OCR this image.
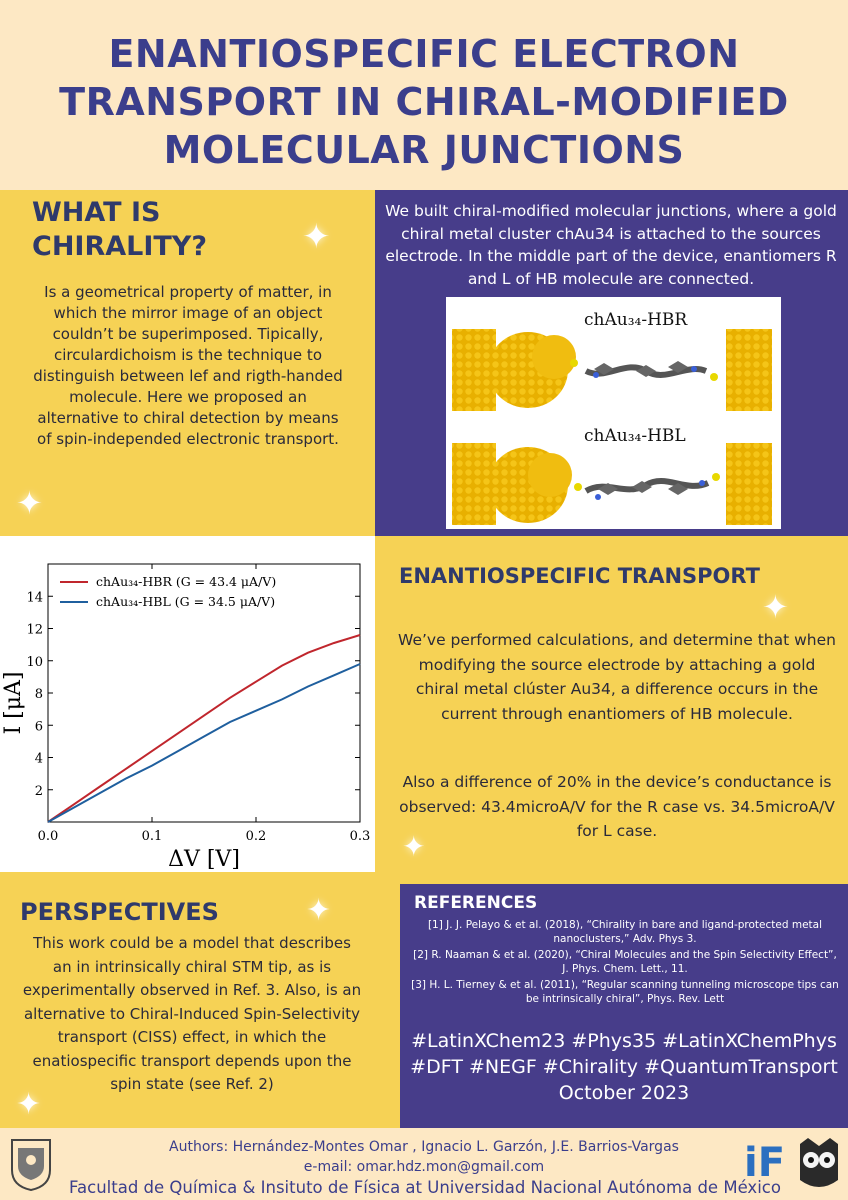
ENANTIOSPECIFIC ELECTRON
TRANSPORT IN CHIRAL-MODIFIED
MOLECULAR JUNCTIONS
WHAT IS
CHIRALITY?	✦
Is a geometrical property of matter, in which the mirror image of an object couldn’t be superimposed. Tipically, circulardichoism is the technique to distinguish between lef and rigth-handed molecule. Here we proposed an alternative to chiral detection by means of spin-independed electronic transport.
✦
We built chiral-modified molecular junctions, where a gold chiral metal cluster chAu34 is attached to the sources electrode. In the middle part of the device, enantiomers R and L of HB molecule are connected.
chAu₃₄-HBR
chAu₃₄-HBL
0.0	0.1	0.2	0.3
2
4
6
8
10
12
14
ΔV [V]
I [μA]
chAu₃₄-HBR (G = 43.4 μA/V)
chAu₃₄-HBL (G = 34.5 μA/V)
ENANTIOSPECIFIC TRANSPORT
✦
We’ve performed calculations, and determine that when modifying the source electrode by attaching a gold chiral metal clúster Au34, a difference occurs in the current through enantiomers of HB molecule.
Also a difference of 20% in the device’s conductance is observed: 43.4microA/V for the R case vs. 34.5microA/V for L case.
✦
PERSPECTIVES	✦
This work could be a model that describes an in intrinsically chiral STM tip, as is experimentally observed in Ref. 3. Also, is an alternative to Chiral-Induced Spin-Selectivity transport (CISS) effect, in which the enatiospecific transport depends upon the spin state (see Ref. 2)
✦
REFERENCES
[1] J. J. Pelayo & et al. (2018), “Chirality in bare and ligand-protected metal nanoclusters,” Adv. Phys 3.
[2] R. Naaman & et al. (2020), “Chiral Molecules and the Spin Selectivity Effect”, J. Phys. Chem. Lett., 11.
[3] H. L. Tierney & et al. (2011), “Regular scanning tunneling microscope tips can be intrinsically chiral”, Phys. Rev. Lett
#LatinXChem23 #Phys35 #LatinXChemPhys
#DFT #NEGF #Chirality #QuantumTransport
October 2023
Authors: Hernández-Montes Omar , Ignacio L. Garzón, J.E. Barrios-Vargas
e-mail: omar.hdz.mon@gmail.com
Facultad de Química & Insituto de Física at Universidad Nacional Autónoma de México
iF
